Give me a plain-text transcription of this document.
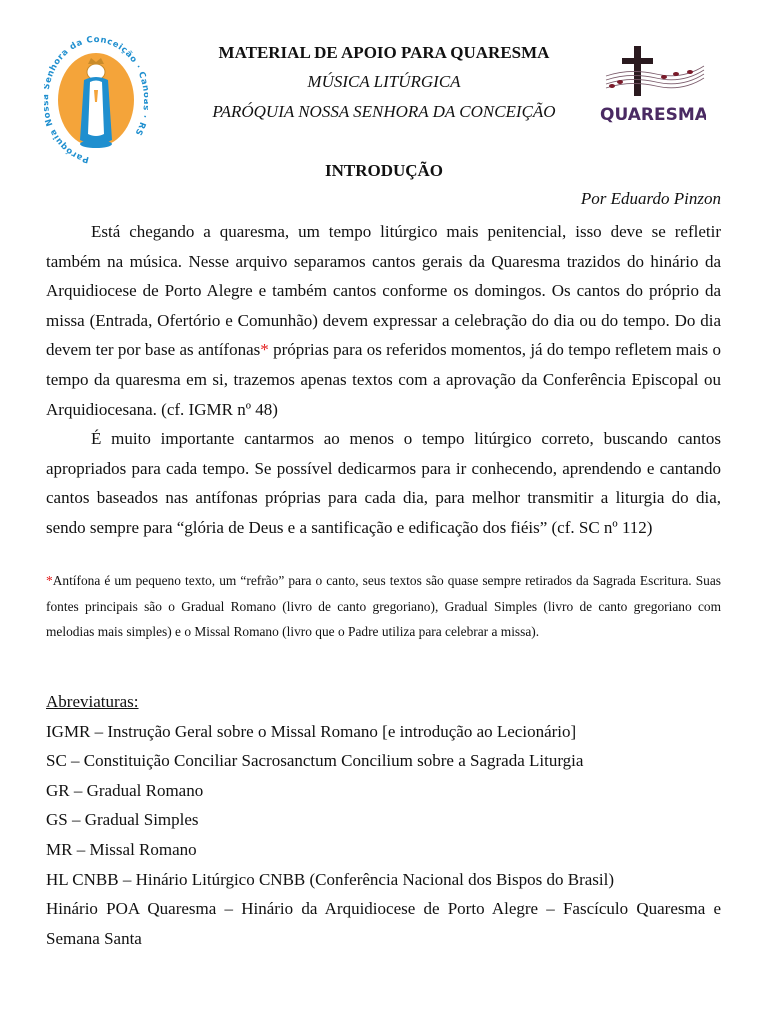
Paróquia N enhora da Conceição · C RS
MATERIAL DE APOIO PARA QUARESMA
MÚSICA LITÚRGICA
PARÓQUIA NOSSA SENHORA DA CONCEIÇÃO	QUARESMA
INTRODUÇÃO
Por Eduardo Pinzon

Está chegando a quaresma, um tempo litúrgico mais penitencial, isso deve se refletir também na música. Nesse arquivo separamos cantos gerais da Quaresma trazidos do hinário da Arquidiocese de Porto Alegre e também cantos conforme os domingos. Os cantos do próprio da missa (Entrada, Ofertório e Comunhão) devem expressar a celebração do dia ou do tempo. Do dia devem ter por base as antífonas* próprias para os referidos momentos, já do tempo refletem mais o tempo da quaresma em si, trazemos apenas textos com a aprovação da Conferência Episcopal ou Arquidiocesana. (cf. IGMR nº 48)

É muito importante cantarmos ao menos o tempo litúrgico correto, buscando cantos apropriados para cada tempo. Se possível dedicarmos para ir conhecendo, aprendendo e cantando cantos baseados nas antífonas próprias para cada dia, para melhor transmitir a liturgia do dia, sendo sempre para “glória de Deus e a santificação e edificação dos fiéis” (cf. SC nº 112)

*Antífona é um pequeno texto, um “refrão” para o canto, seus textos são quase sempre retirados da Sagrada Escritura. Suas fontes principais são o Gradual Romano (livro de canto gregoriano), Gradual Simples (livro de canto gregoriano com melodias mais simples) e o Missal Romano (livro que o Padre utiliza para celebrar a missa).
Abreviaturas:
IGMR – Instrução Geral sobre o Missal Romano [e introdução ao Lecionário]
SC – Constituição Conciliar Sacrosanctum Concilium sobre a Sagrada Liturgia
GR – Gradual Romano
GS – Gradual Simples
MR – Missal Romano
HL CNBB – Hinário Litúrgico CNBB (Conferência Nacional dos Bispos do Brasil)
Hinário POA Quaresma – Hinário da Arquidiocese de Porto Alegre – Fascículo Quaresma e Semana Santa
